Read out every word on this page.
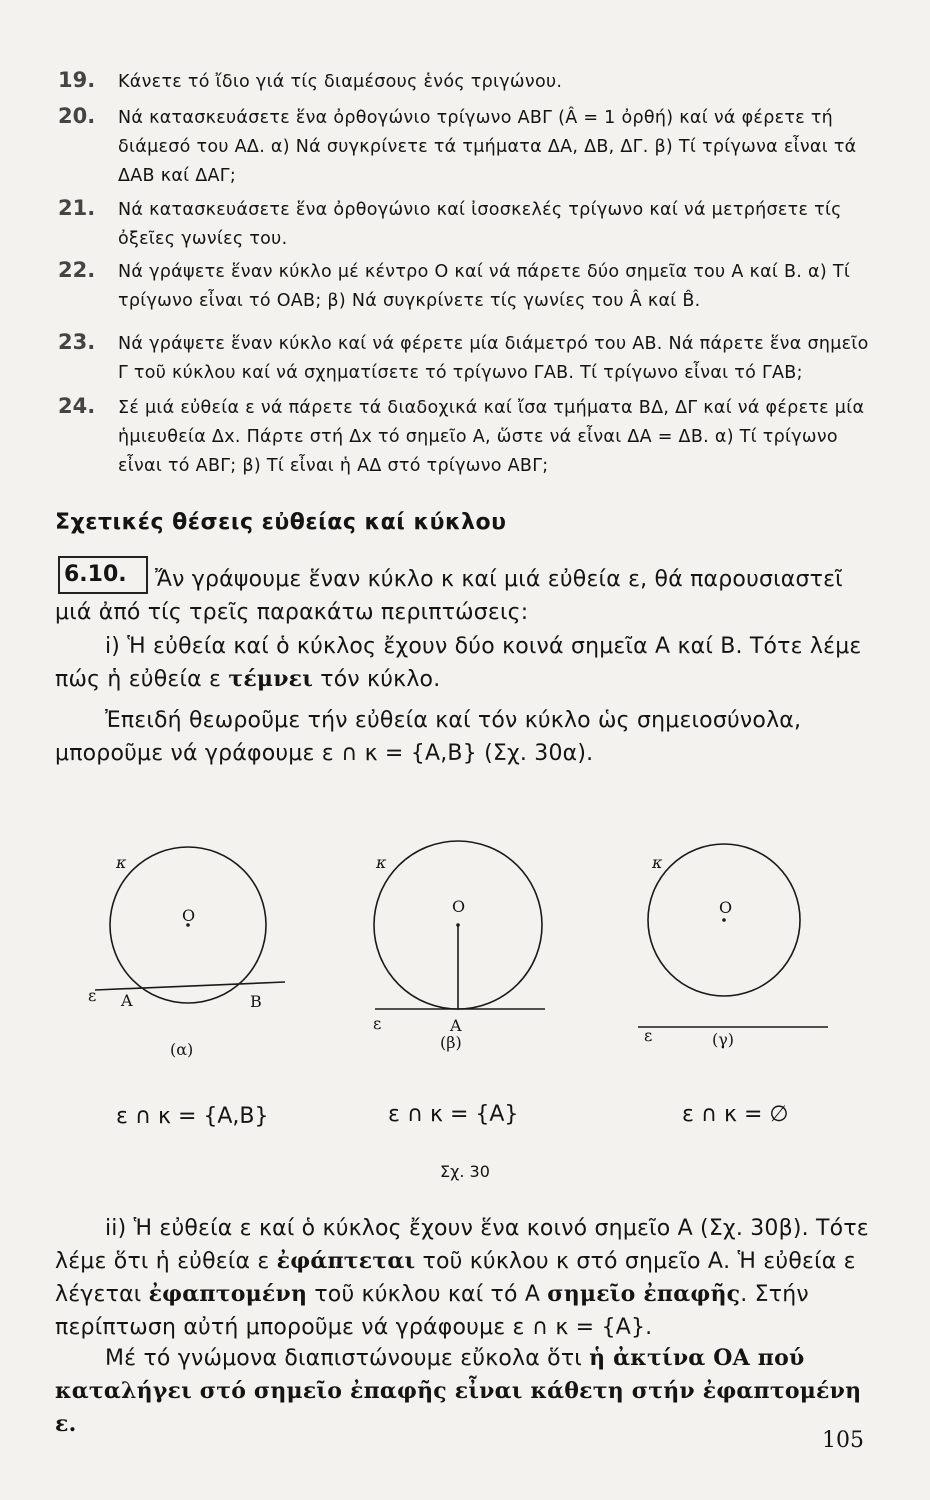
19. Κάνετε τό ἴδιο γιά τίς διαμέσους ἑνός τριγώνου.
20. Νά κατασκευάσετε ἕνα ὀρθογώνιο τρίγωνο ΑΒΓ (Â = 1 ὀρθή) καί νά φέρετε τή διάμεσό του ΑΔ. α) Νά συγκρίνετε τά τμήματα ΔΑ, ΔΒ, ΔΓ. β) Τί τρίγωνα εἶναι τά ΔΑΒ καί ΔΑΓ;
21. Νά κατασκευάσετε ἕνα ὀρθογώνιο καί ἰσοσκελές τρίγωνο καί νά μετρήσετε τίς ὀξεῖες γωνίες του.
22. Νά γράψετε ἕναν κύκλο μέ κέντρο Ο καί νά πάρετε δύο σημεῖα του Α καί Β. α) Τί τρίγωνο εἶναι τό ΟΑΒ; β) Νά συγκρίνετε τίς γωνίες του Â καί B̂.
23. Νά γράψετε ἕναν κύκλο καί νά φέρετε μία διάμετρό του ΑΒ. Νά πάρετε ἕνα σημεῖο Γ τοῦ κύκλου καί νά σχηματίσετε τό τρίγωνο ΓΑΒ. Τί τρίγωνο εἶναι τό ΓΑΒ;
24. Σέ μιά εὐθεία ε νά πάρετε τά διαδοχικά καί ἴσα τμήματα ΒΔ, ΔΓ καί νά φέρετε μία ἡμιευθεία Δx. Πάρτε στή Δx τό σημεῖο Α, ὥστε νά εἶναι ΔΑ = ΔΒ. α) Τί τρίγωνο εἶναι τό ΑΒΓ; β) Τί εἶναι ἡ ΑΔ στό τρίγωνο ΑΒΓ;
Σχετικές θέσεις εὐθείας καί κύκλου
6.10.	Ἄν γράψουμε ἕναν κύκλο κ καί μιά εὐθεία ε, θά παρουσιαστεῖ μιά ἀπό τίς τρεῖς παρακάτω περιπτώσεις:
i) Ἡ εὐθεία καί ὁ κύκλος ἔχουν δύο κοινά σημεῖα Α καί Β. Τότε λέμε πώς ἡ εὐθεία ε τέμνει τόν κύκλο.
Ἐπειδή θεωροῦμε τήν εὐθεία καί τόν κύκλο ὡς σημειοσύνολα, μποροῦμε νά γράφουμε ε ∩ κ = {Α,Β} (Σχ. 30α).
κ
Ο
ε Α	Β
(α)
κ
Ο
ε	Α
(β)
κ
Ο
ε	(γ)
ε ∩ κ = {Α,Β}	ε ∩ κ = {Α}	ε ∩ κ = ∅
Σχ. 30
ii) Ἡ εὐθεία ε καί ὁ κύκλος ἔχουν ἕνα κοινό σημεῖο Α (Σχ. 30β). Τότε λέμε ὅτι ἡ εὐθεία ε ἐφάπτεται τοῦ κύκλου κ στό σημεῖο Α. Ἡ εὐθεία ε λέγεται ἐφαπτομένη τοῦ κύκλου καί τό Α σημεῖο ἐπαφῆς. Στήν περίπτωση αὐτή μποροῦμε νά γράφουμε ε ∩ κ = {Α}.
Μέ τό γνώμονα διαπιστώνουμε εὔκολα ὅτι ἡ ἀκτίνα ΟΑ πού καταλήγει στό σημεῖο ἐπαφῆς εἶναι κάθετη στήν ἐφαπτομένη ε.
105
